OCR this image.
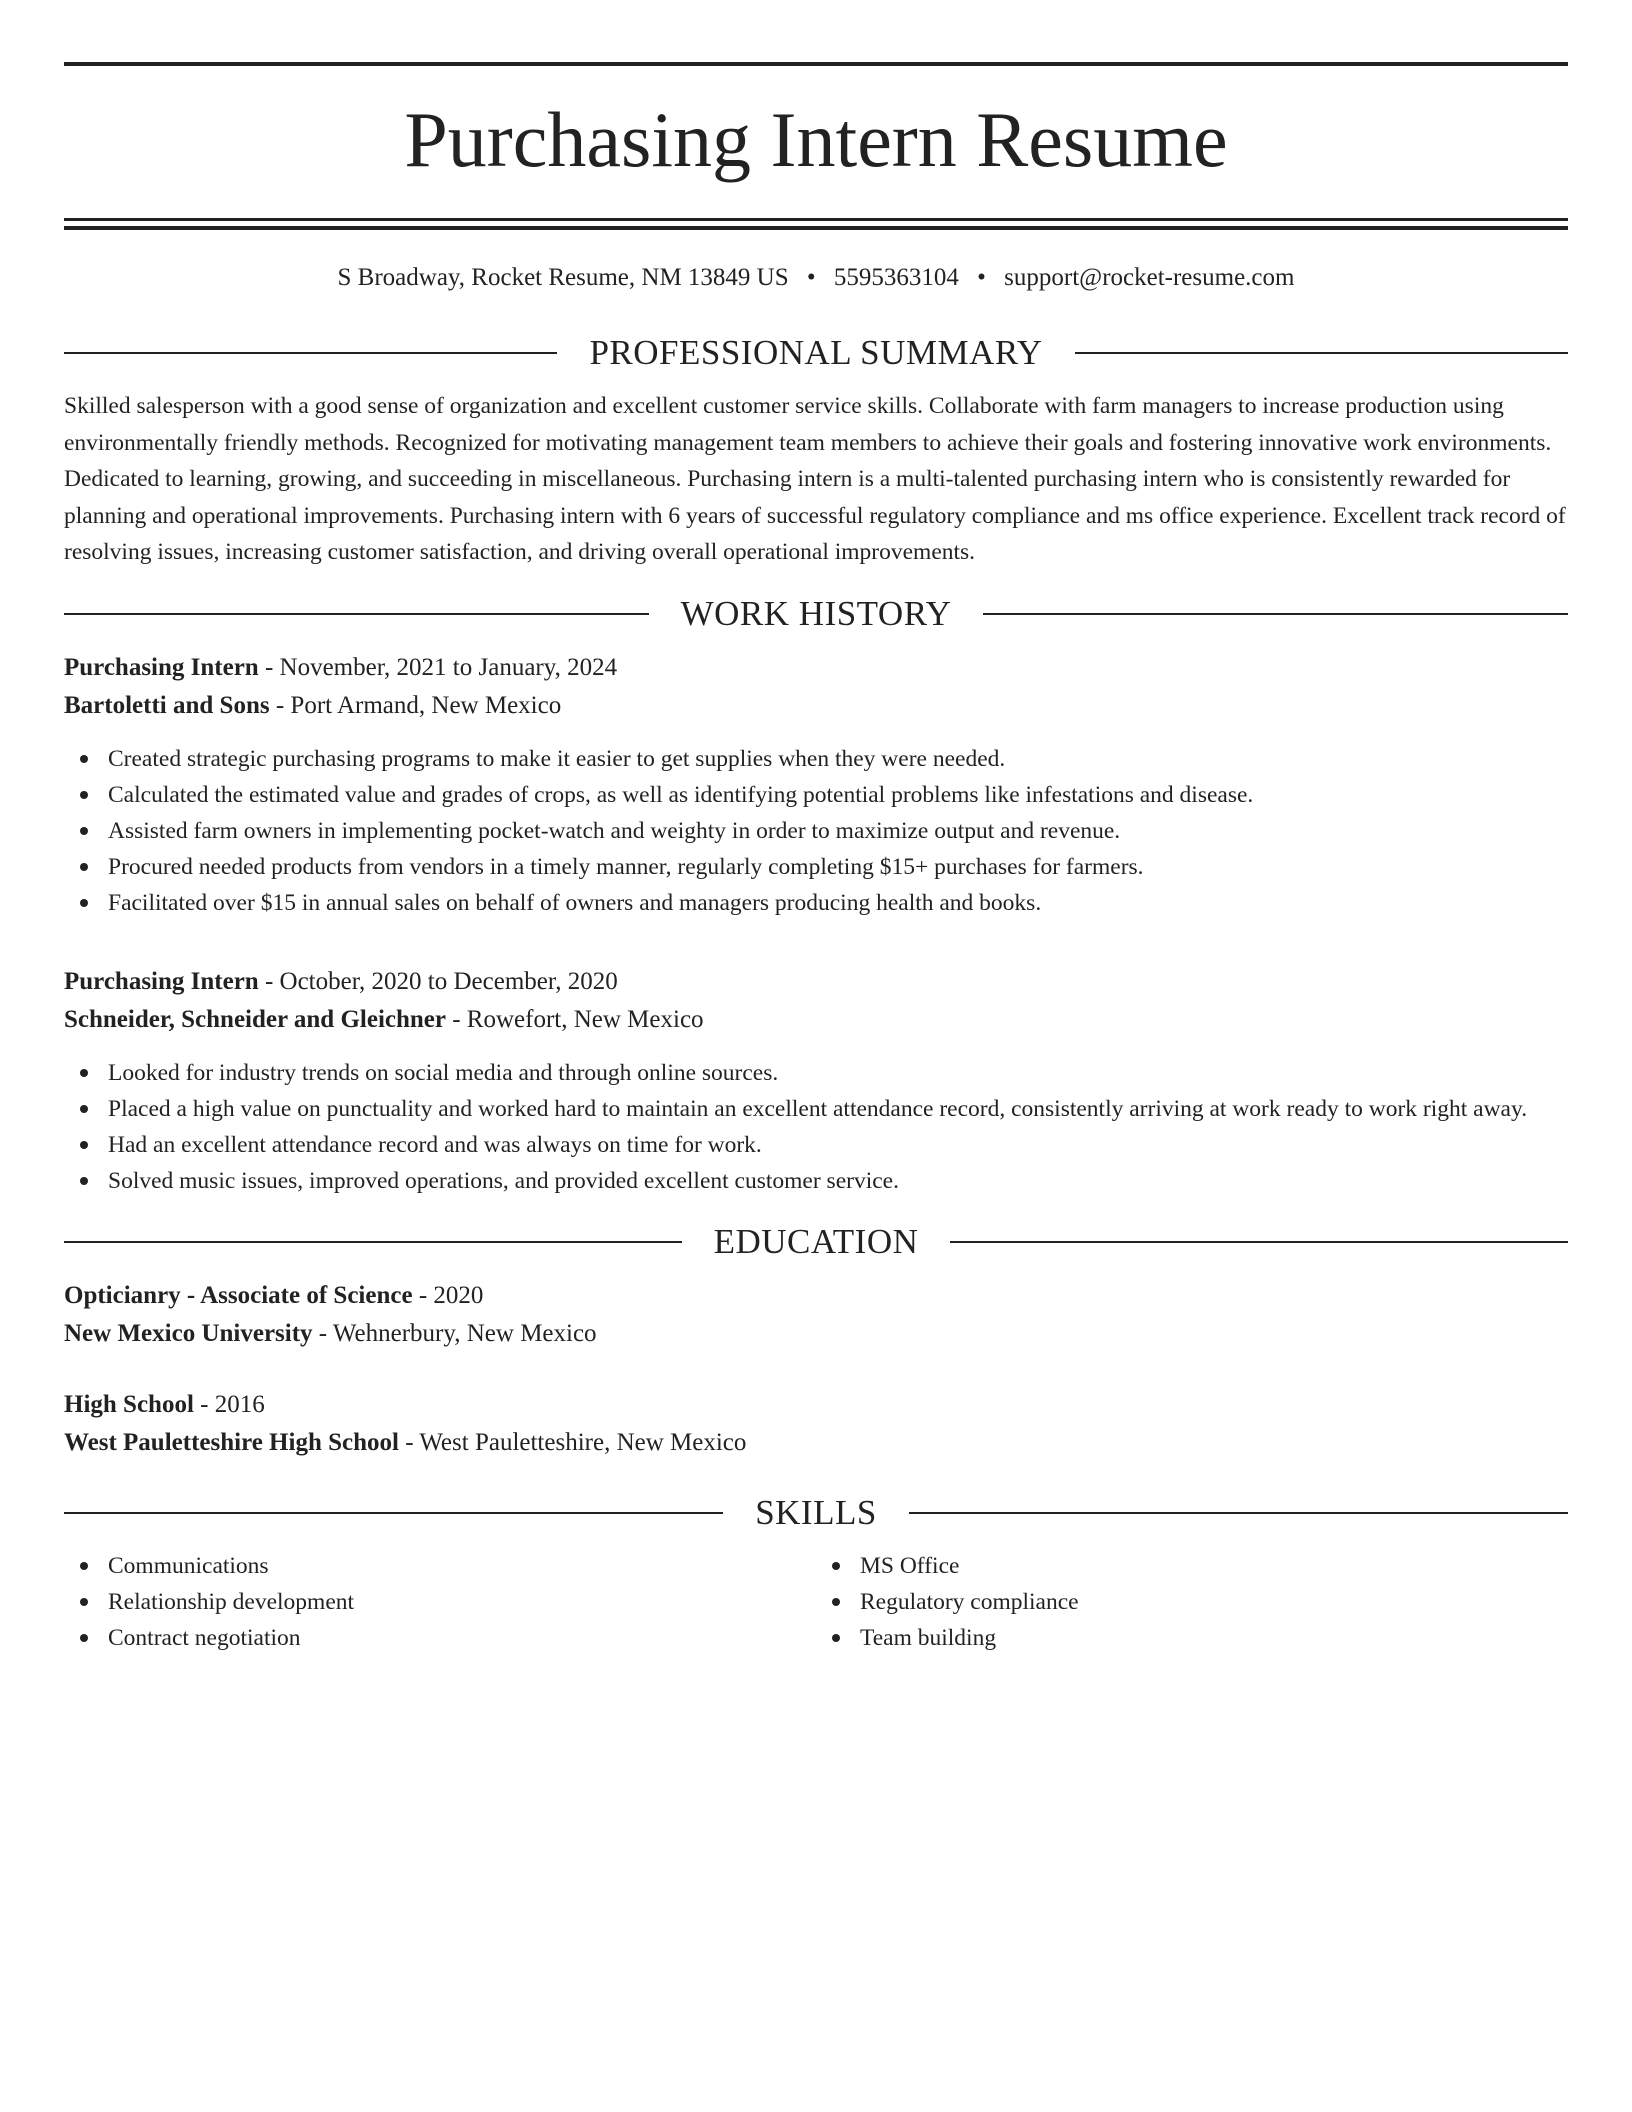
Purchasing Intern Resume
S Broadway, Rocket Resume, NM 13849 US • 5595363104 • support@rocket-resume.com
PROFESSIONAL SUMMARY

Skilled salesperson with a good sense of organization and excellent customer service skills. Collaborate with farm managers to increase production using environmentally friendly methods. Recognized for motivating management team members to achieve their goals and fostering innovative work environments. Dedicated to learning, growing, and succeeding in miscellaneous. Purchasing intern is a multi-talented purchasing intern who is consistently rewarded for planning and operational improvements. Purchasing intern with 6 years of successful regulatory compliance and ms office experience. Excellent track record of resolving issues, increasing customer satisfaction, and driving overall operational improvements.

WORK HISTORY
Purchasing Intern - November, 2021 to January, 2024
Bartoletti and Sons - Port Armand, New Mexico
Created strategic purchasing programs to make it easier to get supplies when they were needed.
Calculated the estimated value and grades of crops, as well as identifying potential problems like infestations and disease.
Assisted farm owners in implementing pocket-watch and weighty in order to maximize output and revenue.
Procured needed products from vendors in a timely manner, regularly completing $15+ purchases for farmers.
Facilitated over $15 in annual sales on behalf of owners and managers producing health and books.
Purchasing Intern - October, 2020 to December, 2020
Schneider, Schneider and Gleichner - Rowefort, New Mexico
Looked for industry trends on social media and through online sources.
Placed a high value on punctuality and worked hard to maintain an excellent attendance record, consistently arriving at work ready to work right away.
Had an excellent attendance record and was always on time for work.
Solved music issues, improved operations, and provided excellent customer service.
EDUCATION
Opticianry - Associate of Science - 2020
New Mexico University - Wehnerbury, New Mexico
High School - 2016
West Pauletteshire High School - West Pauletteshire, New Mexico
SKILLS
Communications
Relationship development
Contract negotiation
MS Office
Regulatory compliance
Team building
